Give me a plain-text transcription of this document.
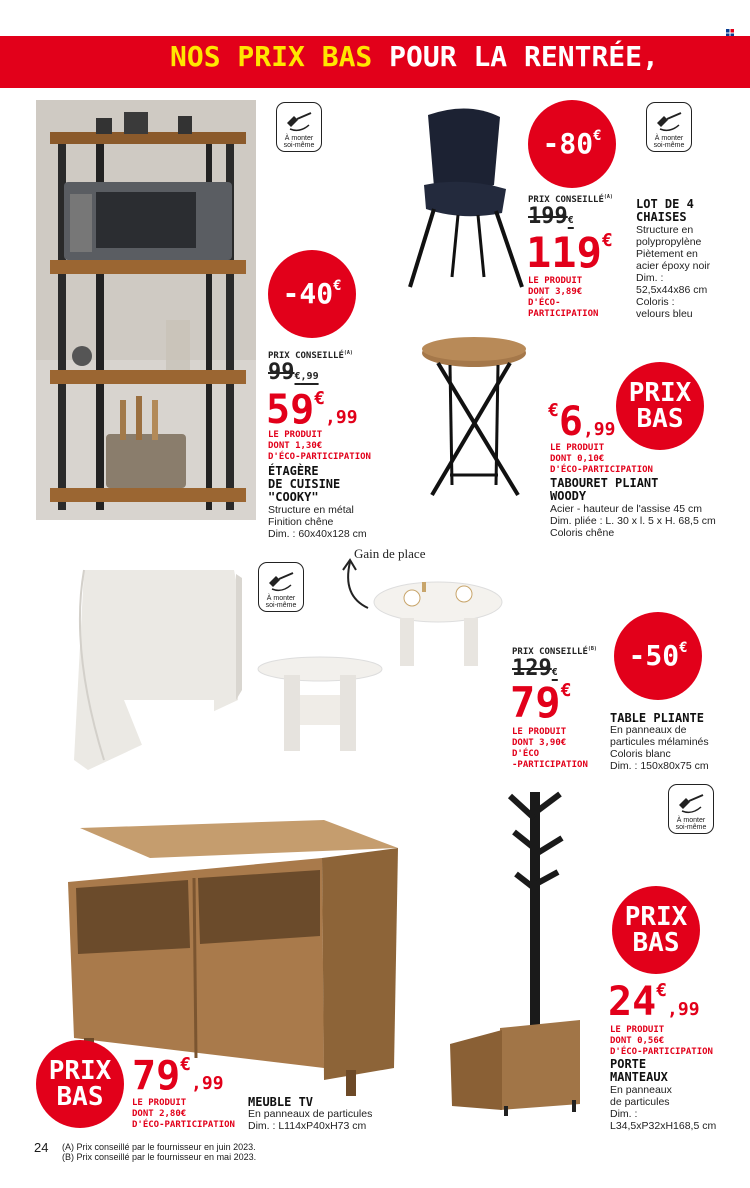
NOS PRIX BAS POUR LA RENTRÉE,
À monter
soi-même
-40 €
PRIX $CONSEILLÉ^{(A)}$
99€,99
59€,99
LE PRODUIT
DONT 1,30€
D'ÉCO-PARTICIPATION
ÉTAGÈRE
DE CUISINE
"COOKY"
Structure en métal
Finition chêne
Dim. : 60x40x128 cm
-80 €	À monter
soi-même
PRIX $CONSEILLÉ^{(A)}$
199€
119€
LE PRODUIT
DONT 3,89€
D'ÉCO-
PARTICIPATION
LOT DE 4
CHAISES
Structure en
polypropylène
Piètement en
acier époxy noir
Dim. :
52,5x44x86 cm
Coloris :
velours bleu
PRIX
BAS
€6,99
LE PRODUIT
DONT 0,10€
D'ÉCO-PARTICIPATION
TABOURET PLIANT
WOODY
Acier - hauteur de l'assise 45 cm
Dim. pliée : L. 30 x l. 5 x H. 68,5 cm
Coloris chêne
À monter
soi-même
Gain de place
-50 €
PRIX $CONSEILLÉ^{(B)}$
129€
79€
LE PRODUIT
DONT 3,90€
D'ÉCO
-PARTICIPATION
TABLE PLIANTE
En panneaux de
particules mélaminés
Coloris blanc
Dim. : 150x80x75 cm
PRIX
BAS 79€,99
LE PRODUIT
DONT 2,80€
D'ÉCO-PARTICIPATION
MEUBLE TV
En panneaux de particules
Dim. : L114xP40xH73 cm
À monter
soi-même
PRIX
BAS
24€,99
LE PRODUIT
DONT 0,56€
D'ÉCO-PARTICIPATION
PORTE
MANTEAUX
En panneaux
de particules
Dim. :
L34,5xP32xH168,5 cm
24 (A) Prix conseillé par le fournisseur en juin 2023.
(B) Prix conseillé par le fournisseur en mai 2023.
